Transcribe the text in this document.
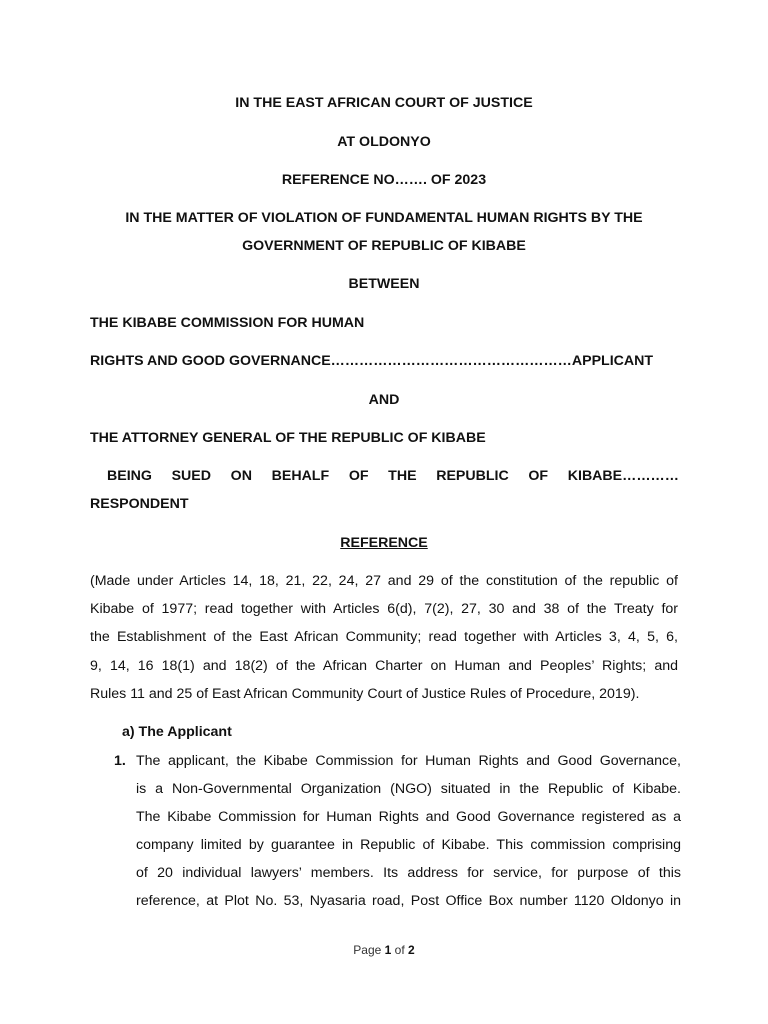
IN THE EAST AFRICAN COURT OF JUSTICE
AT OLDONYO
REFERENCE NO……. OF 2023
IN THE MATTER OF VIOLATION OF FUNDAMENTAL HUMAN RIGHTS BY THE
GOVERNMENT OF REPUBLIC OF KIBABE
BETWEEN
THE KIBABE COMMISSION FOR HUMAN
RIGHTS AND GOOD GOVERNANCE……………………………………………APPLICANT
AND
THE ATTORNEY GENERAL OF THE REPUBLIC OF KIBABE
BEING SUED ON BEHALF OF THE REPUBLIC OF KIBABE…………
RESPONDENT
REFERENCE
(Made under Articles 14, 18, 21, 22, 24, 27 and 29 of the constitution of the republic of
Kibabe of 1977; read together with Articles 6(d), 7(2), 27, 30 and 38 of the Treaty for
the Establishment of the East African Community; read together with Articles 3, 4, 5, 6,
9, 14, 16 18(1) and 18(2) of the African Charter on Human and Peoples’ Rights; and
Rules 11 and 25 of East African Community Court of Justice Rules of Procedure, 2019).
a) The Applicant
1. The applicant, the Kibabe Commission for Human Rights and Good Governance,
is a Non-Governmental Organization (NGO) situated in the Republic of Kibabe.
The Kibabe Commission for Human Rights and Good Governance registered as a
company limited by guarantee in Republic of Kibabe. This commission comprising
of 20 individual lawyers’ members. Its address for service, for purpose of this
reference, at Plot No. 53, Nyasaria road, Post Office Box number 1120 Oldonyo in
Page 1 of 2
